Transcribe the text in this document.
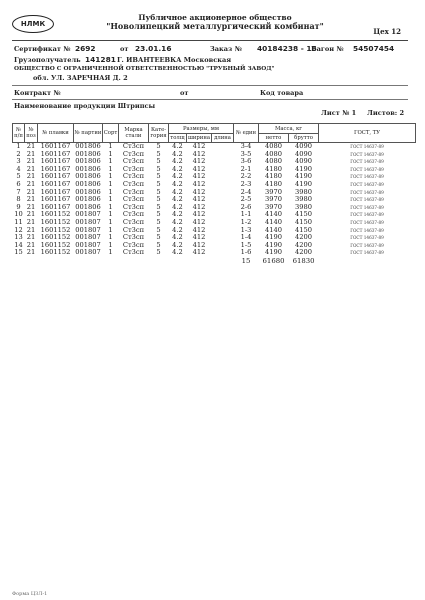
НЛМК
Публичное акционерное общество
"Новолипецкий металлургический комбинат"
Цех 12
Сертификат № 2692	от 23.01.16	Заказ № 40184238 - 16
Вагон № 54507454
Грузополучатель 141281 Г. ИВАНТЕЕВКА Московская
ОБЩЕСТВО С ОГРАНИЧЕННОЙ ОТВЕТСТВЕННОСТЬЮ "ТРУБНЫЙ ЗАВОД"
обл. УЛ. ЗАРЕЧНАЯ Д. 2
Контракт №	от	Код товара
Наименование продукции Штрипсы
Лист № 1 Листов: 2
№ п/п	№ поз	№ плавки	№ партии	Сорт	Марка стали	Кате-гория	Размеры, мм			№ един	Масса, кг		ГОСТ, ТУ
							толщ	ширина	длина		нетто	брутто	
1	21	1601167	001806	1	Ст3сп	5	4.2	412		3-4	4080	4090	ГОСТ 14637-89
2	21	1601167	001806	1	Ст3сп	5	4.2	412		3-5	4080	4090	ГОСТ 14637-89
3	21	1601167	001806	1	Ст3сп	5	4.2	412		3-6	4080	4090	ГОСТ 14637-89
4	21	1601167	001806	1	Ст3сп	5	4.2	412		2-1	4180	4190	ГОСТ 14637-89
5	21	1601167	001806	1	Ст3сп	5	4.2	412		2-2	4180	4190	ГОСТ 14637-89
6	21	1601167	001806	1	Ст3сп	5	4.2	412		2-3	4180	4190	ГОСТ 14637-89
7	21	1601167	001806	1	Ст3сп	5	4.2	412		2-4	3970	3980	ГОСТ 14637-89
8	21	1601167	001806	1	Ст3сп	5	4.2	412		2-5	3970	3980	ГОСТ 14637-89
9	21	1601167	001806	1	Ст3сп	5	4.2	412		2-6	3970	3980	ГОСТ 14637-89
10	21	1601152	001807	1	Ст3сп	5	4.2	412		1-1	4140	4150	ГОСТ 14637-89
11	21	1601152	001807	1	Ст3сп	5	4.2	412		1-2	4140	4150	ГОСТ 14637-89
12	21	1601152	001807	1	Ст3сп	5	4.2	412		1-3	4140	4150	ГОСТ 14637-89
13	21	1601152	001807	1	Ст3сп	5	4.2	412		1-4	4190	4200	ГОСТ 14637-89
14	21	1601152	001807	1	Ст3сп	5	4.2	412		1-5	4190	4200	ГОСТ 14637-89
15	21	1601152	001807	1	Ст3сп	5	4.2	412		1-6	4190	4200	ГОСТ 14637-89
										15	61680	61830	
Форма ЦЗЛ-1
